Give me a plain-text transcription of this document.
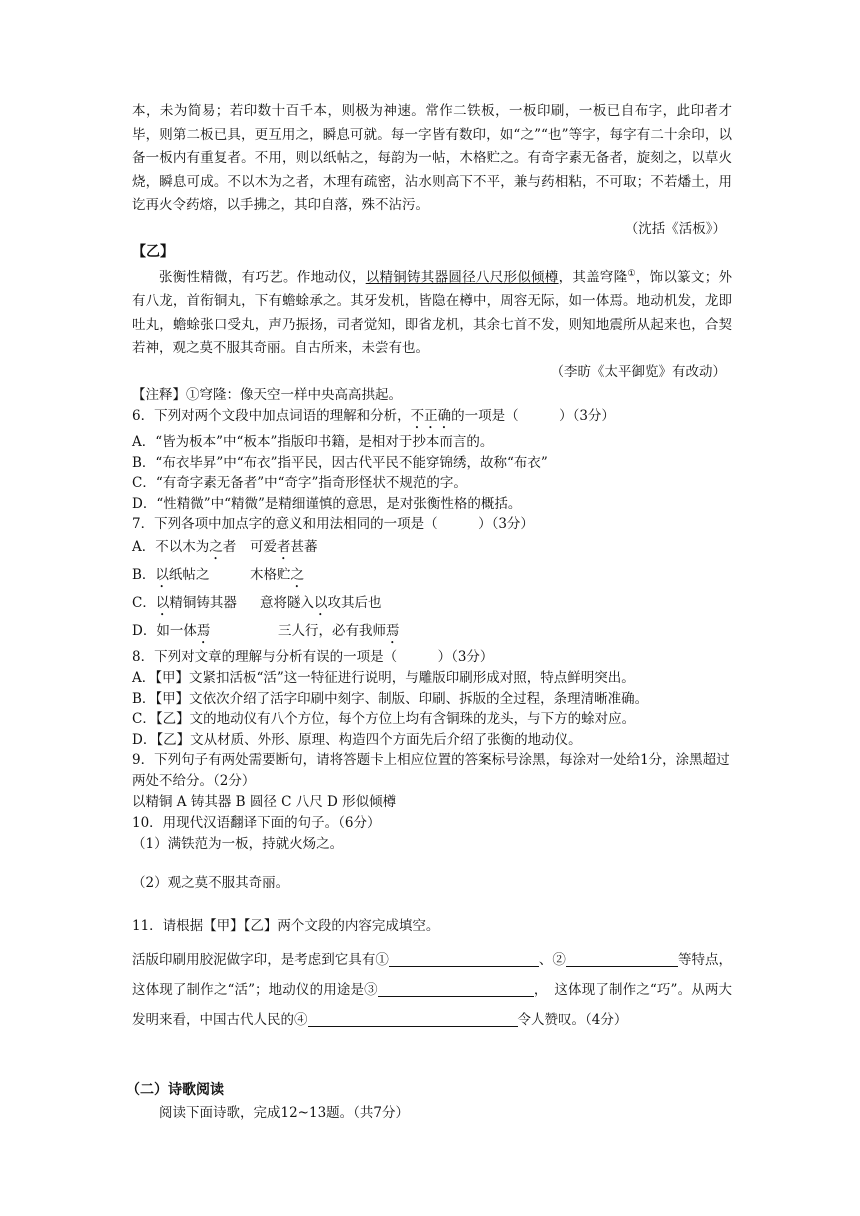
本，未为简易；若印数十百千本，则极为神速。常作二铁板，一板印刷，一板已自布字，此印者才毕，则第二板已具，更互用之，瞬息可就。每一字皆有数印，如“之”“也”等字，每字有二十余印，以备一板内有重复者。不用，则以纸帖之，每韵为一帖，木格贮之。有奇字素无备者，旋刻之，以草火烧，瞬息可成。不以木为之者，木理有疏密，沾水则高下不平，兼与药相粘，不可取；不若燔土，用讫再火令药熔，以手拂之，其印自落，殊不沾污。

（沈括《活板》）

【乙】

张衡性精微，有巧艺。作地动仪，以精铜铸其器圆径八尺形似倾樽，其盖穹隆①，饰以篆文；外有八龙，首衔铜丸，下有蟾蜍承之。其牙发机，皆隐在樽中，周容无际，如一体焉。地动机发，龙即吐丸，蟾蜍张口受丸，声乃振扬，司者觉知，即省龙机，其余七首不发，则知地震所从起来也，合契若神，观之莫不服其奇丽。自古所来，未尝有也。

（李昉《太平御览》有改动）

【注释】①穹隆：像天空一样中央高高拱起。

6．下列对两个文段中加点词语的理解和分析，不正确的一项是（　　　）（3分）

A．“皆为板本”中“板本”指版印书籍，是相对于抄本而言的。

B．“布衣毕昇”中“布衣”指平民，因古代平民不能穿锦绣，故称“布衣”

C．“有奇字素无备者”中“奇字”指奇形怪状不规范的字。

D．“性精微”中“精微”是精细谨慎的意思，是对张衡性格的概括。

7．下列各项中加点字的意义和用法相同的一项是（　　　）（3分）

A．不以木为之者 可爱者甚蕃

B．以纸帖之	木格贮之

C．以精铜铸其器 意将隧入以攻其后也

D．如一体焉	三人行，必有我师焉

8．下列对文章的理解与分析有误的一项是（　　　）（3分）

A．【甲】文紧扣活板“活”这一特征进行说明，与雕版印刷形成对照，特点鲜明突出。

B．【甲】文依次介绍了活字印刷中刻字、制版、印刷、拆版的全过程，条理清晰准确。

C．【乙】文的地动仪有八个方位，每个方位上均有含铜珠的龙头，与下方的蜍对应。

D．【乙】文从材质、外形、原理、构造四个方面先后介绍了张衡的地动仪。

9．下列句子有两处需要断句，请将答题卡上相应位置的答案标号涂黑，每涂对一处给1分，涂黑超过两处不给分。（2分）

以精铜 A 铸其器 B 圆径 C 八尺 D 形似倾樽

10．用现代汉语翻译下面的句子。（6分）

（1）满铁范为一板，持就火炀之。

（2）观之莫不服其奇丽。

11．请根据【甲】【乙】两个文段的内容完成填空。

活版印刷用胶泥做字印，是考虑到它具有①	、②	等特点，这体现了制作之“活”；地动仪的用途是③	，　这体现了制作之“巧”。从两大发明来看，中国古代人民的④	令人赞叹。（4分）

（二）诗歌阅读

阅读下面诗歌，完成12~13题。（共7分）
